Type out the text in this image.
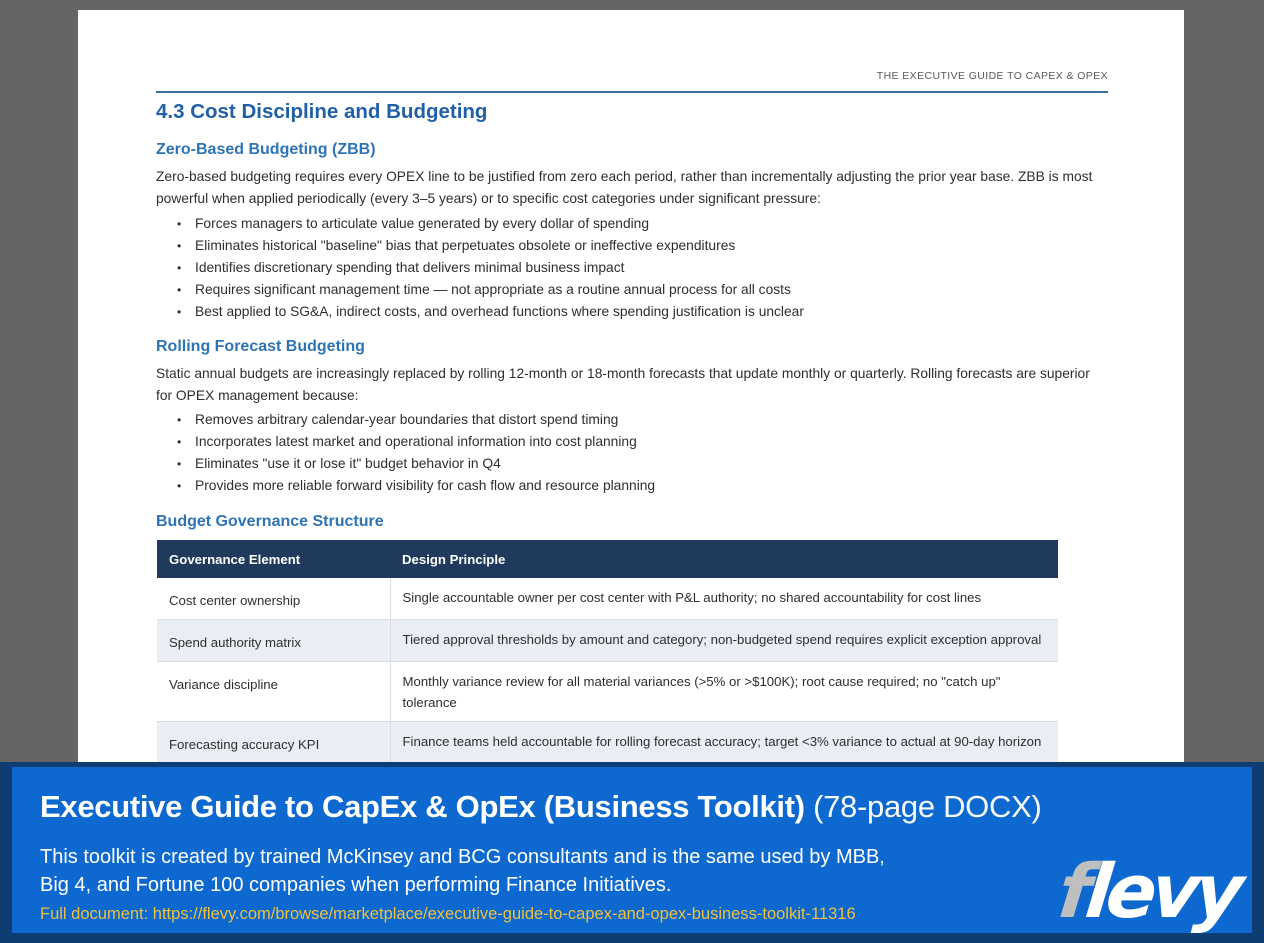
THE EXECUTIVE GUIDE TO CAPEX & OPEX
4.3 Cost Discipline and Budgeting
Zero-Based Budgeting (ZBB)

Zero-based budgeting requires every OPEX line to be justified from zero each period, rather than incrementally adjusting the prior year base. ZBB is most powerful when applied periodically (every 3–5 years) or to specific cost categories under significant pressure:

• Forces managers to articulate value generated by every dollar of spending
• Eliminates historical "baseline" bias that perpetuates obsolete or ineffective expenditures
• Identifies discretionary spending that delivers minimal business impact
• Requires significant management time — not appropriate as a routine annual process for all costs
• Best applied to SG&A, indirect costs, and overhead functions where spending justification is unclear
Rolling Forecast Budgeting

Static annual budgets are increasingly replaced by rolling 12-month or 18-month forecasts that update monthly or quarterly. Rolling forecasts are superior for OPEX management because:

• Removes arbitrary calendar-year boundaries that distort spend timing
• Incorporates latest market and operational information into cost planning
• Eliminates "use it or lose it" budget behavior in Q4
• Provides more reliable forward visibility for cash flow and resource planning
Budget Governance Structure
Governance Element	Design Principle
Cost center ownership	Single accountable owner per cost center with P&L authority; no shared accountability for cost lines
Spend authority matrix	Tiered approval thresholds by amount and category; non-budgeted spend requires explicit exception approval
Variance discipline	Monthly variance review for all material variances (>5% or >$100K); root cause required; no "catch up" tolerance
Forecasting accuracy KPI	Finance teams held accountable for rolling forecast accuracy; target <3% variance to actual at 90-day horizon
Executive Guide to CapEx & OpEx (Business Toolkit) (78-page DOCX)
This toolkit is created by trained McKinsey and BCG consultants and is the same used by MBB,
Big 4, and Fortune 100 companies when performing Finance Initiatives.
Full document: https://flevy.com/browse/marketplace/executive-guide-to-capex-and-opex-business-toolkit-11316	flevy
